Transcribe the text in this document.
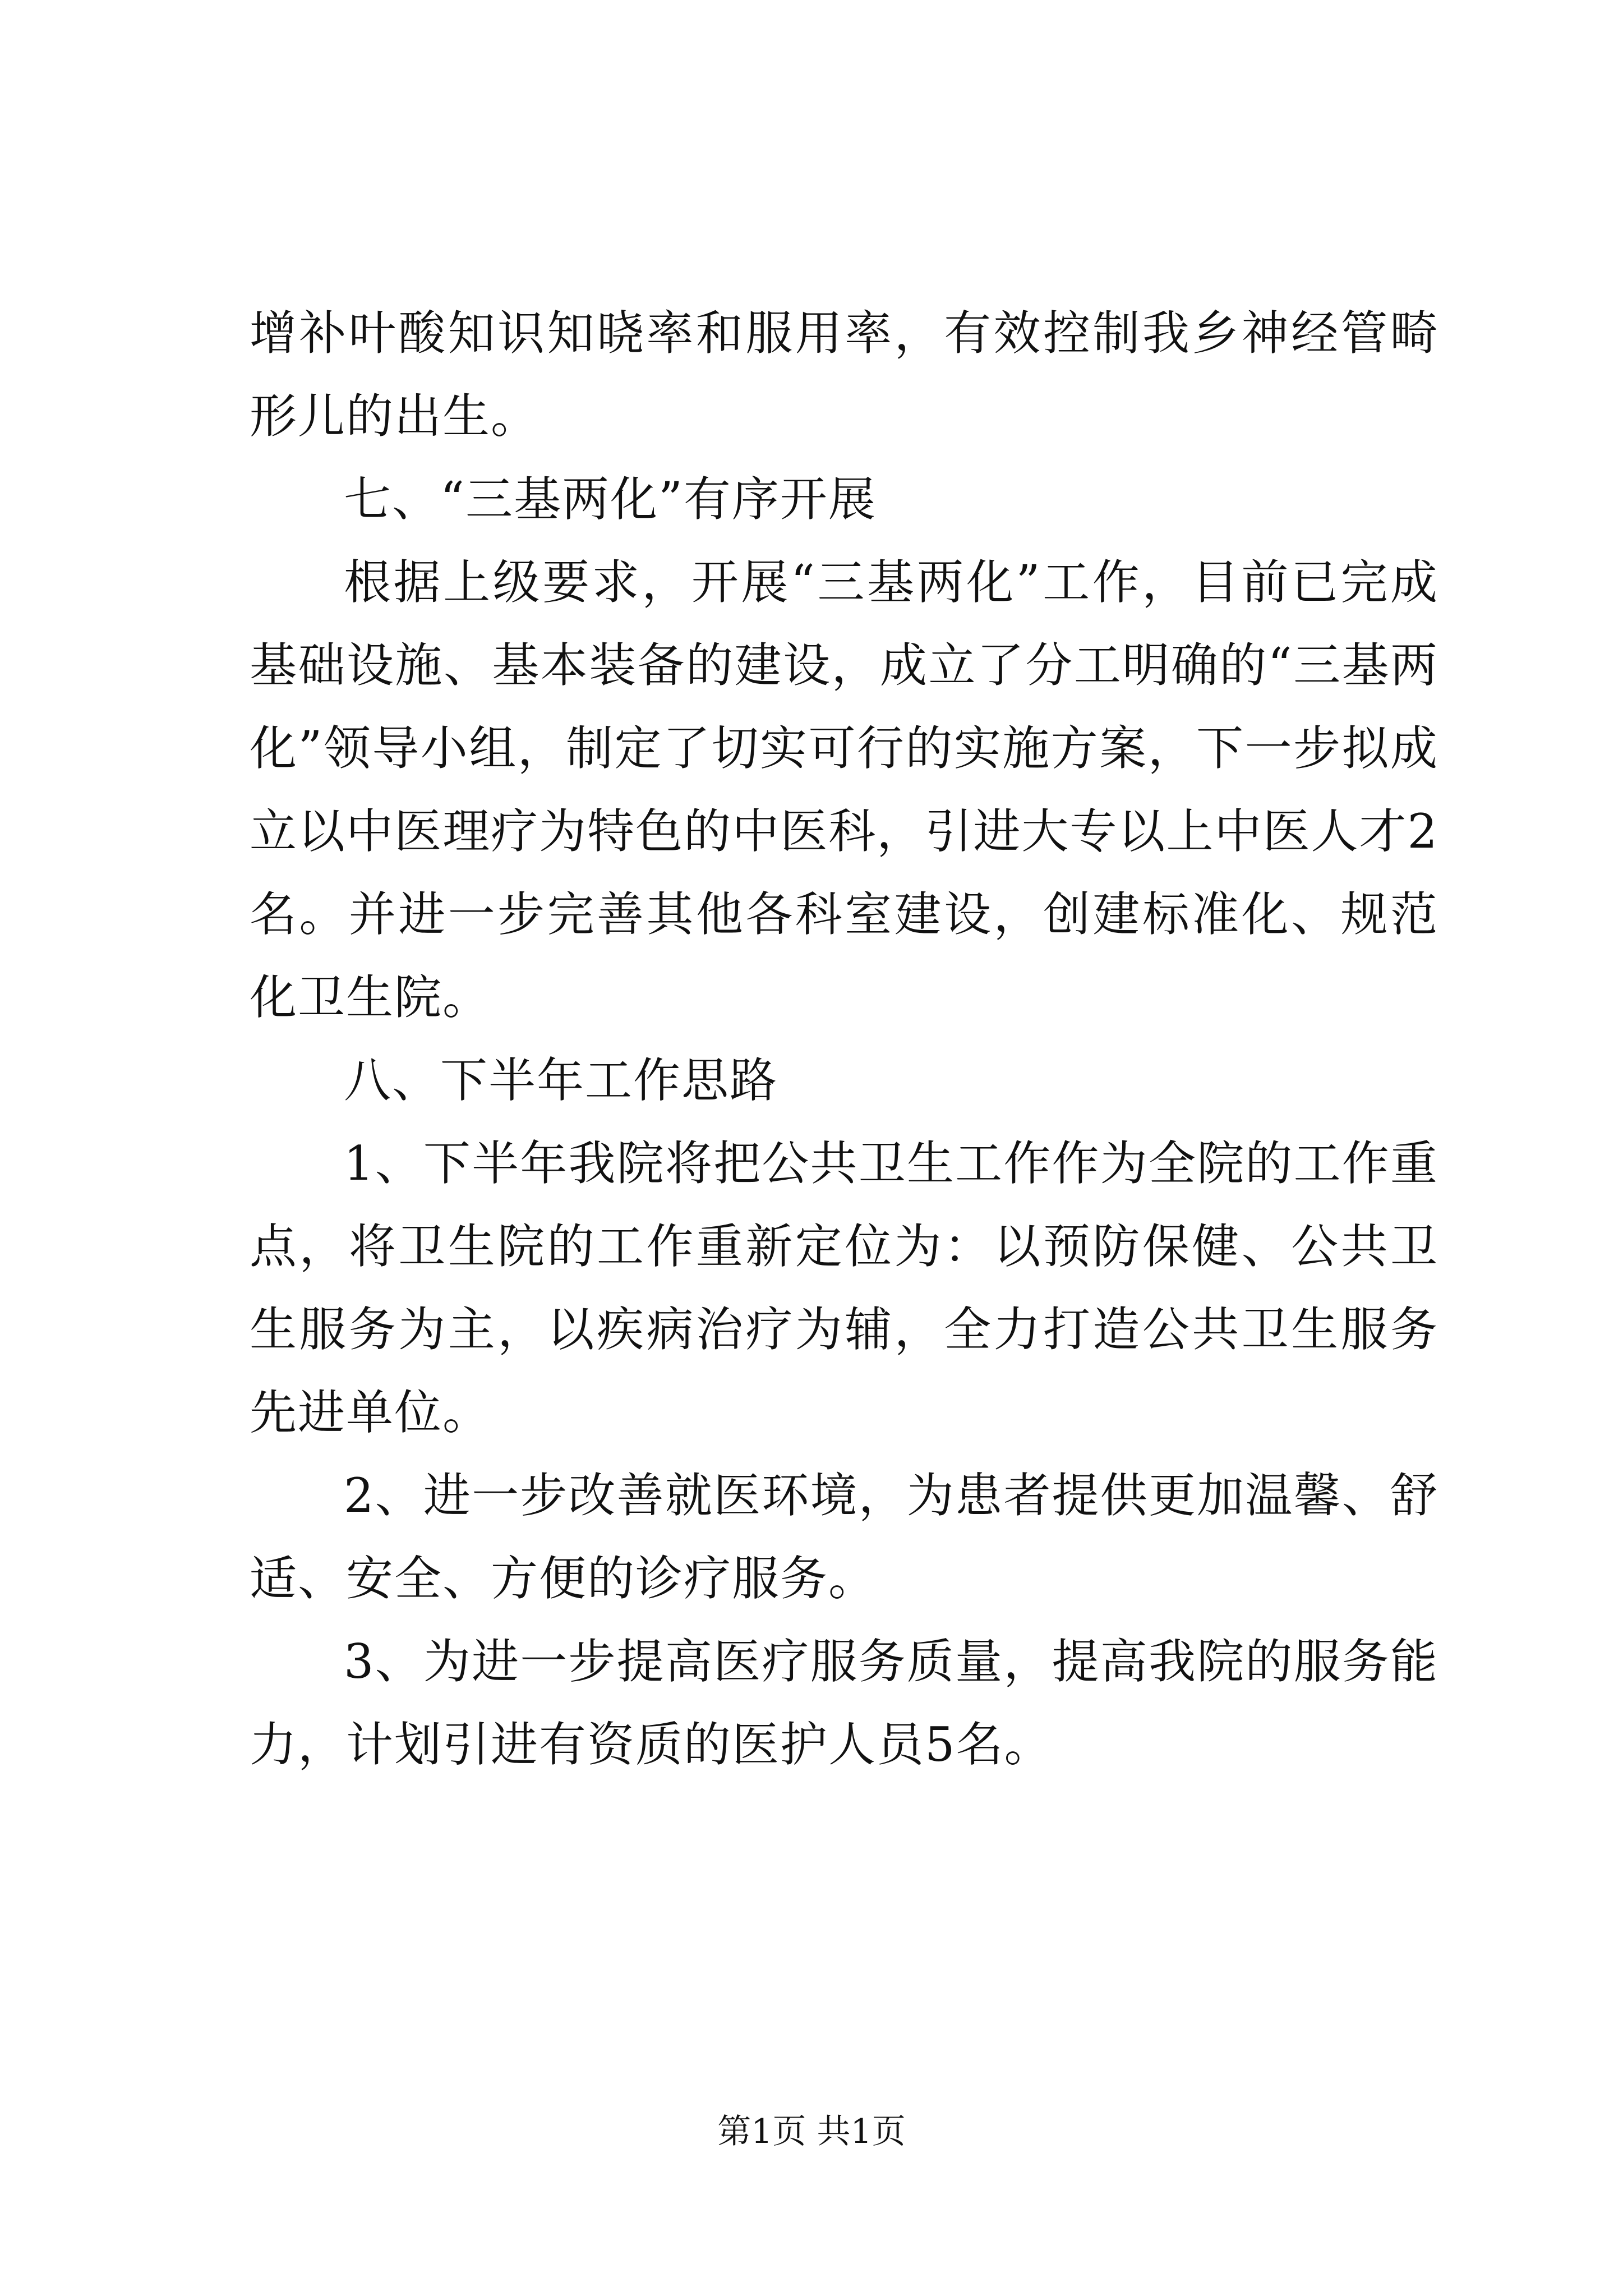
增补叶酸知识知晓率和服用率，有效控制我乡神经管畸形儿的出生。

七、“三基两化”有序开展

根据上级要求，开展“三基两化”工作，目前已完成基础设施、基本装备的建设，成立了分工明确的“三基两化”领导小组，制定了切实可行的实施方案，下一步拟成立以中医理疗为特色的中医科，引进大专以上中医人才2名。并进一步完善其他各科室建设，创建标准化、规范化卫生院。

八、下半年工作思路

1、下半年我院将把公共卫生工作作为全院的工作重点，将卫生院的工作重新定位为：以预防保健、公共卫生服务为主，以疾病治疗为辅，全力打造公共卫生服务先进单位。

2、进一步改善就医环境，为患者提供更加温馨、舒适、安全、方便的诊疗服务。

3、为进一步提高医疗服务质量，提高我院的服务能力，计划引进有资质的医护人员5名。

第1页 共1页
